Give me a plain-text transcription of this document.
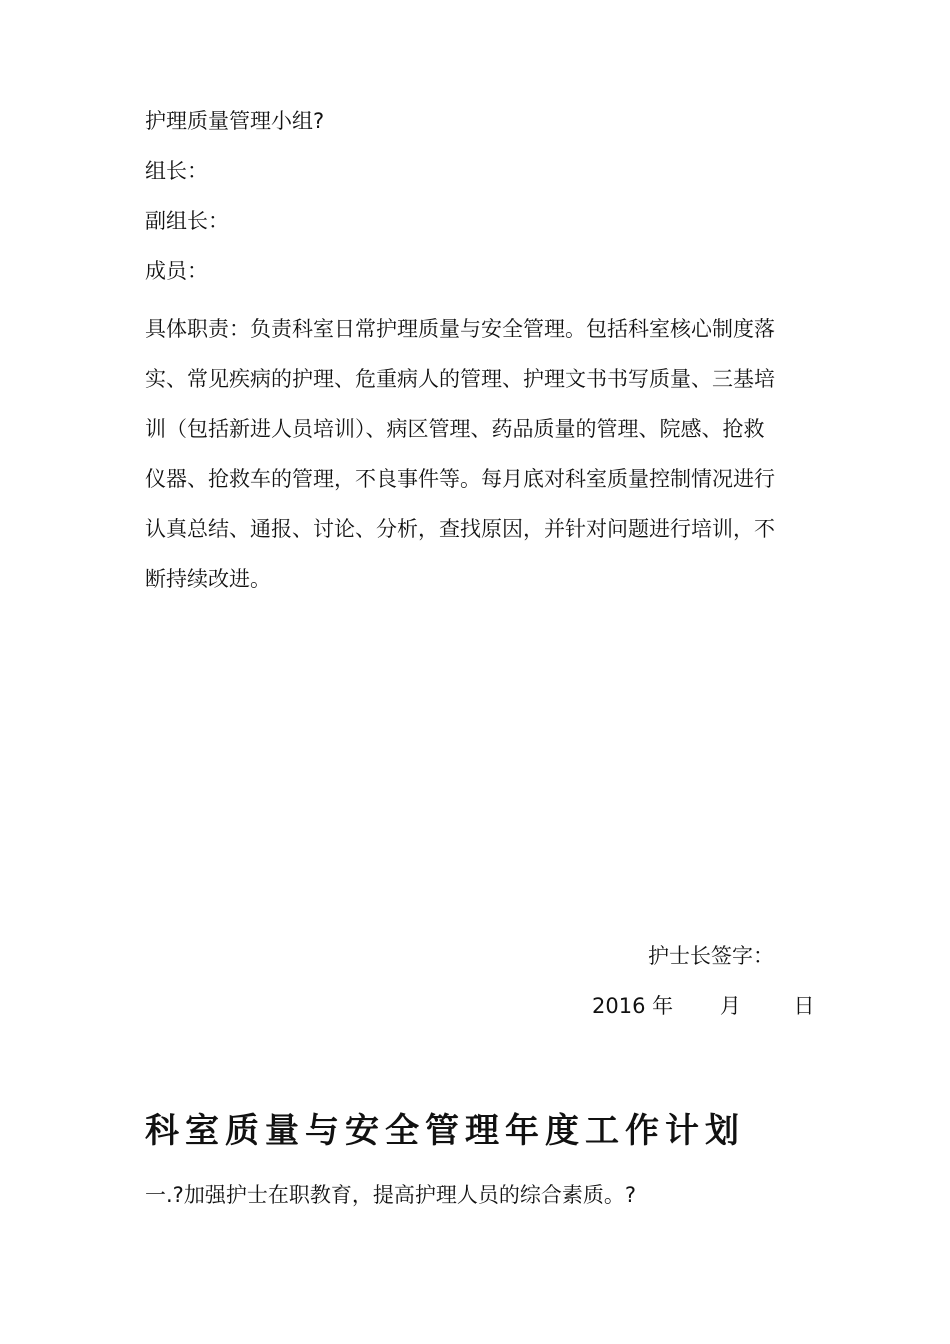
护理质量管理小组?
组长：
副组长：
成员：
具体职责：负责科室日常护理质量与安全管理。包括科室核心制度落
实、常见疾病的护理、危重病人的管理、护理文书书写质量、三基培
训（包括新进人员培训）、病区管理、药品质量的管理、院感、抢救
仪器、抢救车的管理，不良事件等。每月底对科室质量控制情况进行
认真总结、通报、讨论、分析，查找原因，并针对问题进行培训，不
断持续改进。
护士长签字：
2016 年 月	日
科室质量与安全管理年度工作计划
一.?加强护士在职教育，提高护理人员的综合素质。?
